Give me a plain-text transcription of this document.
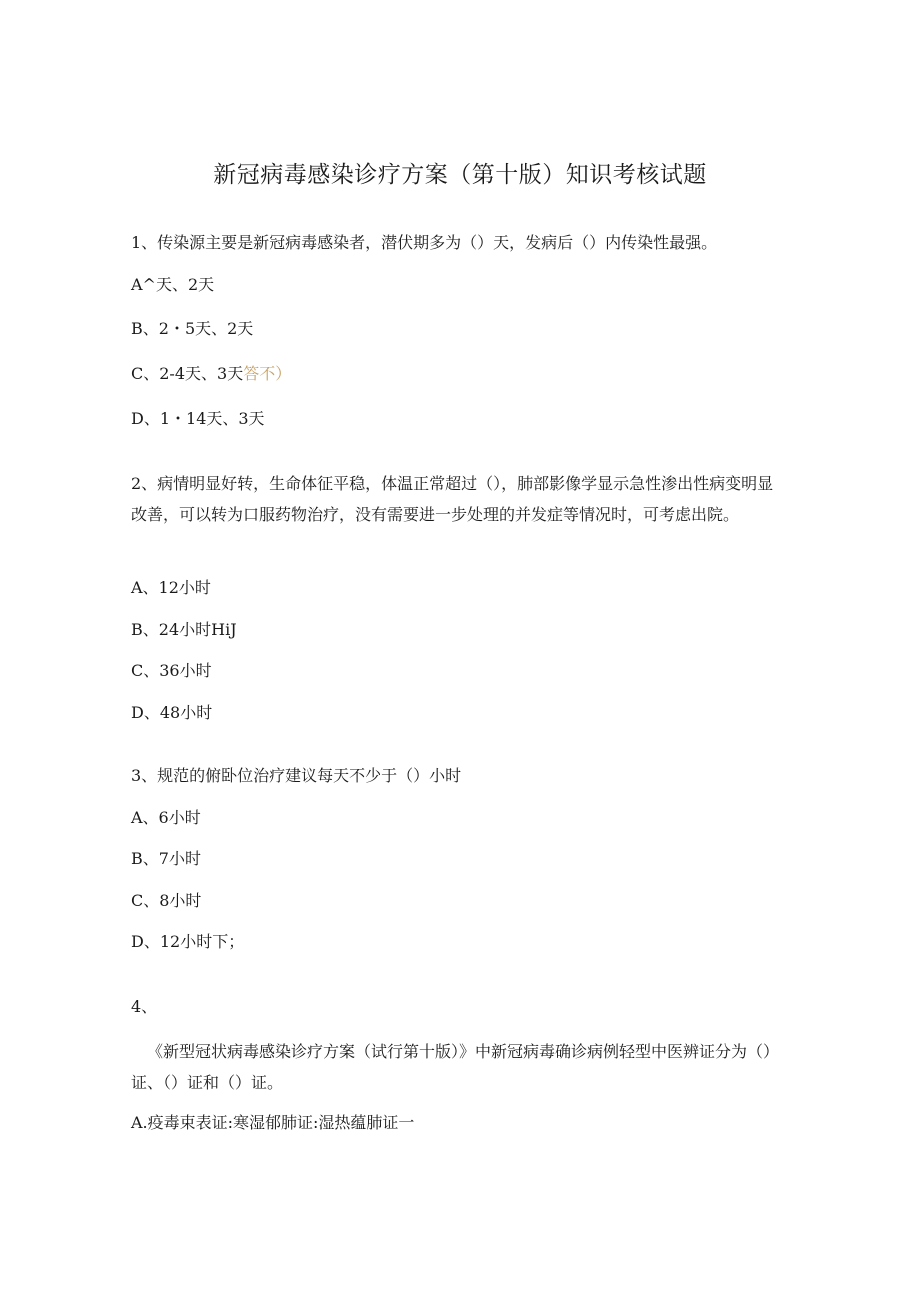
新冠病毒感染诊疗方案（第十版）知识考核试题
1、传染源主要是新冠病毒感染者，潜伏期多为（）天，发病后（）内传染性最强。
A^天、2天
B、2・5天、2天
C、2-4天、3天答不）
D、1・14天、3天
2、病情明显好转，生命体征平稳，体温正常超过（），肺部影像学显示急性渗出性病变明显改善，可以转为口服药物治疗，没有需要进一步处理的并发症等情况时，可考虑出院。
A、12小时
B、24小时HiJ
C、36小时
D、48小时
3、规范的俯卧位治疗建议每天不少于（）小时
A、6小时
B、7小时
C、8小时
D、12小时下；
4、
《新型冠状病毒感染诊疗方案（试行第十版）》中新冠病毒确诊病例轻型中医辨证分为（）证、（）证和（）证。
A.疫毒束表证:寒湿郁肺证:湿热蕴肺证一
